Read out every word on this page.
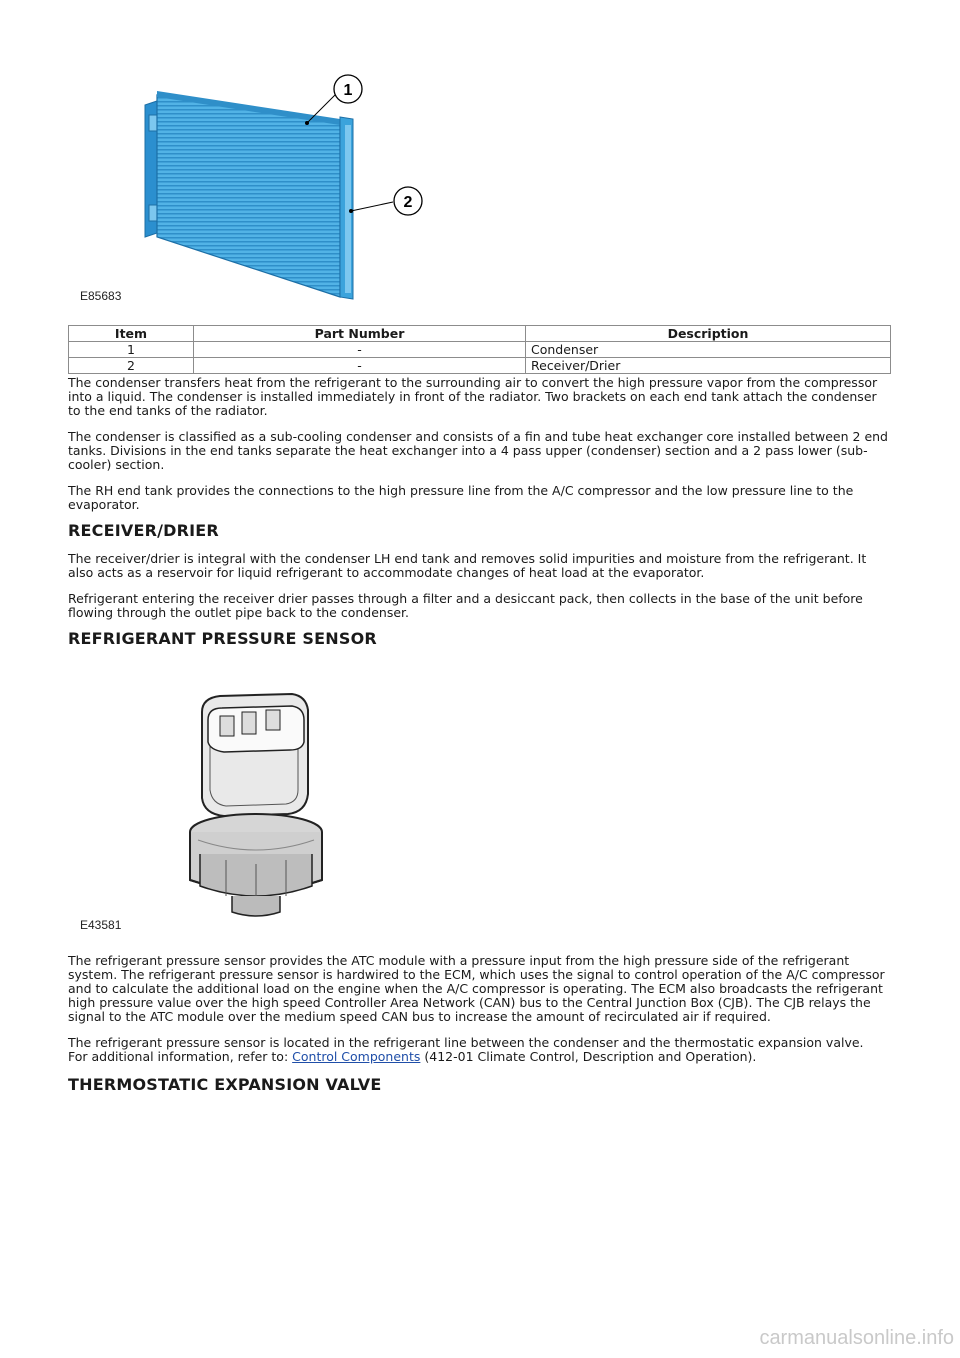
1
2
E85683
Item	Part Number	Description
1	-	Condenser
2	-	Receiver/Drier

The condenser transfers heat from the refrigerant to the surrounding air to convert the high pressure vapor from the compressor into a liquid. The condenser is installed immediately in front of the radiator. Two brackets on each end tank attach the condenser to the end tanks of the radiator.

The condenser is classified as a sub-cooling condenser and consists of a fin and tube heat exchanger core installed between 2 end tanks. Divisions in the end tanks separate the heat exchanger into a 4 pass upper (condenser) section and a 2 pass lower (sub-cooler) section.

The RH end tank provides the connections to the high pressure line from the A/C compressor and the low pressure line to the evaporator.

RECEIVER/DRIER

The receiver/drier is integral with the condenser LH end tank and removes solid impurities and moisture from the refrigerant. It also acts as a reservoir for liquid refrigerant to accommodate changes of heat load at the evaporator.

Refrigerant entering the receiver drier passes through a filter and a desiccant pack, then collects in the base of the unit before flowing through the outlet pipe back to the condenser.

REFRIGERANT PRESSURE SENSOR
E43581

The refrigerant pressure sensor provides the ATC module with a pressure input from the high pressure side of the refrigerant system. The refrigerant pressure sensor is hardwired to the ECM, which uses the signal to control operation of the A/C compressor and to calculate the additional load on the engine when the A/C compressor is operating. The ECM also broadcasts the refrigerant high pressure value over the high speed Controller Area Network (CAN) bus to the Central Junction Box (CJB). The CJB relays the signal to the ATC module over the medium speed CAN bus to increase the amount of recirculated air if required.

The refrigerant pressure sensor is located in the refrigerant line between the condenser and the thermostatic expansion valve.
For additional information, refer to: Control Components (412-01 Climate Control, Description and Operation).

THERMOSTATIC EXPANSION VALVE
carmanualsonline.info
